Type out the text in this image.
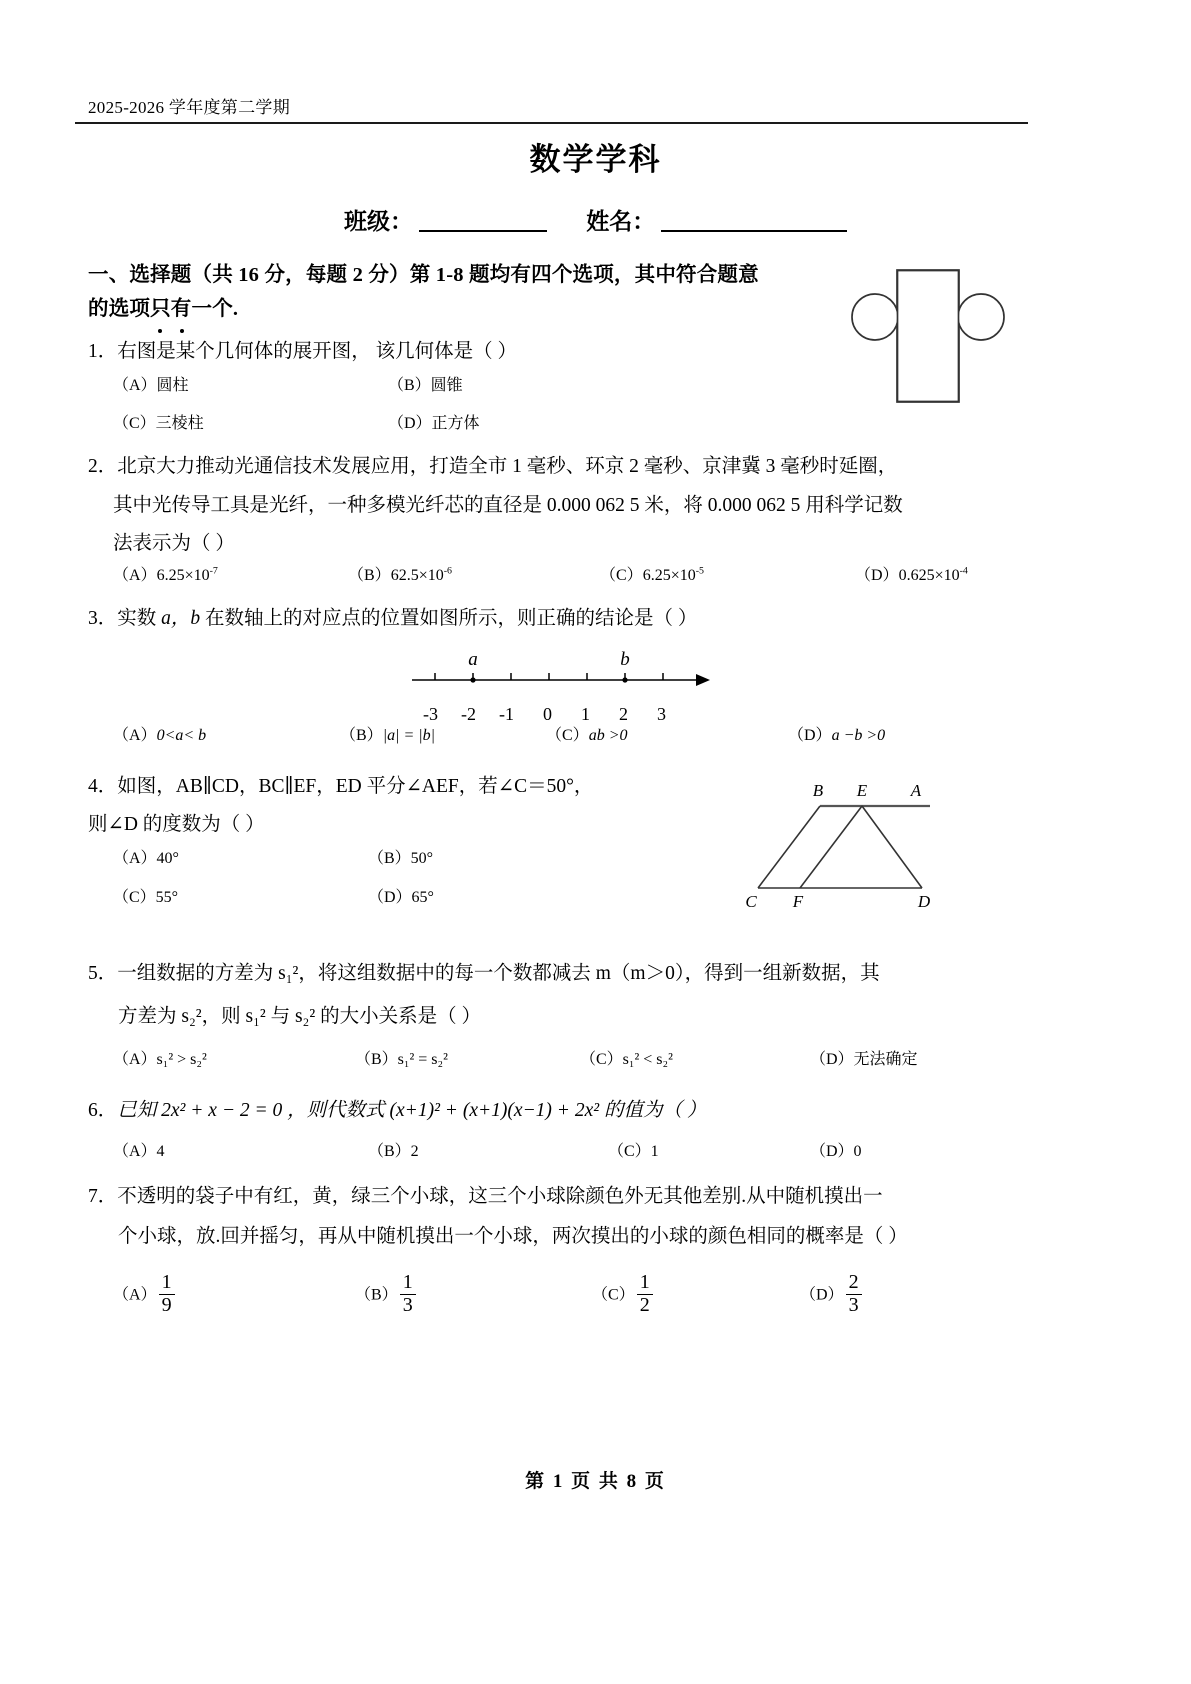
2025-2026 学年度第二学期
数学学科
班级：	姓名：
一、选择题（共 16 分，每题 2 分）第 1-8 题均有四个选项，其中符合题意
的选项只有一个.
1．右图是某个几何体的展开图， 该几何体是（ ）
（A）圆柱	（B）圆锥
（C）三棱柱	（D）正方体
2．北京大力推动光通信技术发展应用，打造全市 1 毫秒、环京 2 毫秒、京津冀 3 毫秒时延圈，
其中光传导工具是光纤，一种多模光纤芯的直径是 0.000 062 5 米，将 0.000 062 5 用科学记数
法表示为（ ）
$(A)6.25\times 10^{-7}$	$(B)62.5\times 10^{-6}$	$(C)6.25\times 10^{-5}$	$(D)0.625\times 10^{-4}$
3．实数 a，b 在数轴上的对应点的位置如图所示，则正确的结论是（ ）
a	b
-3 -2 -1 0 1 2 3
（A）0<a< b	（B）|a| = |b|	（C）ab >0	（D）a −b >0
4．如图，AB∥CD，BC∥EF，ED 平分∠AEF，若∠C＝50°，
则∠D 的度数为（ ）
（A）40°	（B）50°
（C）55°	（D）65°
B E	A
C F	D
5．一组数据的方差为 s₁²，将这组数据中的每一个数都减去 m（m＞0），得到一组新数据，其
方差为 s₂²，则 s₁² 与 s₂² 的大小关系是（ ）
（A）s₁² > s₂²	（B）s₁² = s₂²	（C）s₁² < s₂²	（D）无法确定
6．已知 2x² + x − 2 = 0 ，则代数式 (x+1)² + (x+1)(x−1) + 2x² 的值为（ ）
（A）4	（B）2	（C）1	（D）0
7．不透明的袋子中有红，黄，绿三个小球，这三个小球除颜色外无其他差别.从中随机摸出一
个小球，放.回并摇匀，再从中随机摸出一个小球，两次摸出的小球的颜色相同的概率是（ ）
$(A) \frac{1}{9}$	$(B) \frac{1}{3}$	$(C) \frac{1}{2}$	$(D) \frac{2}{3}$
第 1 页 共 8 页
